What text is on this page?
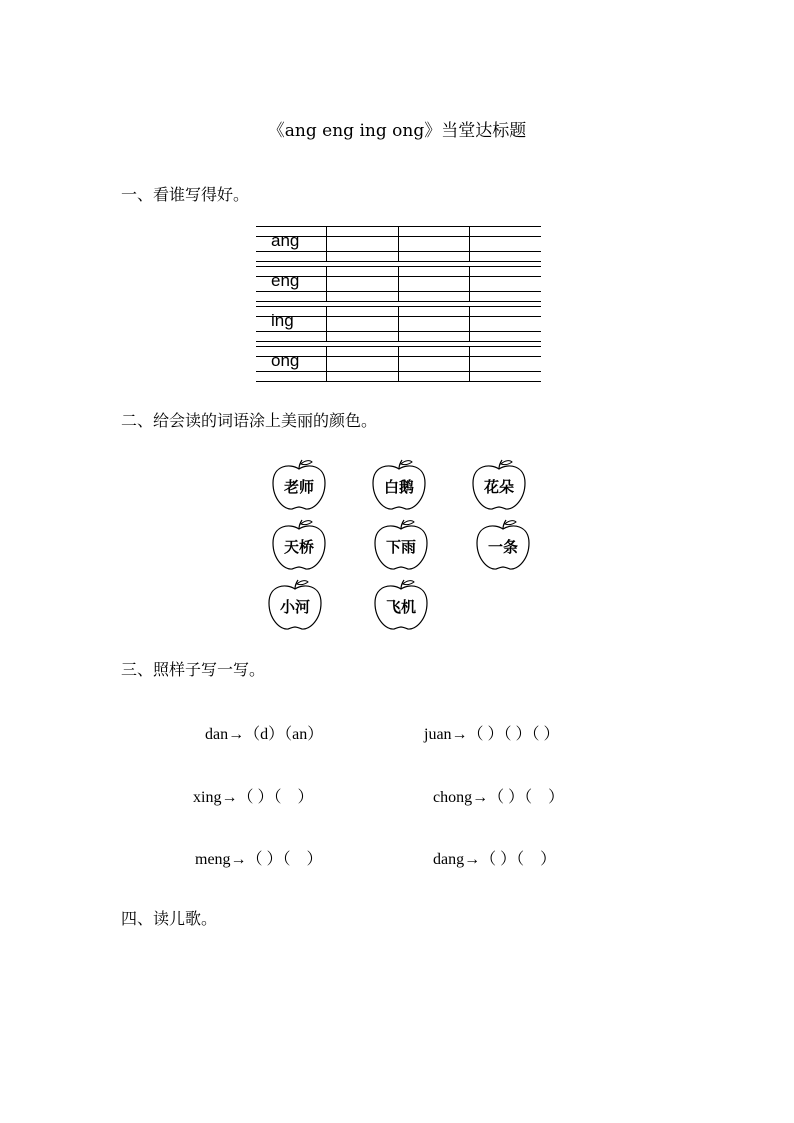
《ang eng ing ong》当堂达标题
一、看谁写得好。
ang
eng
ing
ong
二、给会读的词语涂上美丽的颜色。
老师	白鹅	花朵
天桥	下雨	一条
小河	飞机
三、照样子写一写。
dan→（d）（an）	juan→（ ）（ ）（ ）
xing→（ ）（　）	chong→（ ）（　）
meng→（ ）（　）	dang→（ ）（　）
四、读儿歌。
